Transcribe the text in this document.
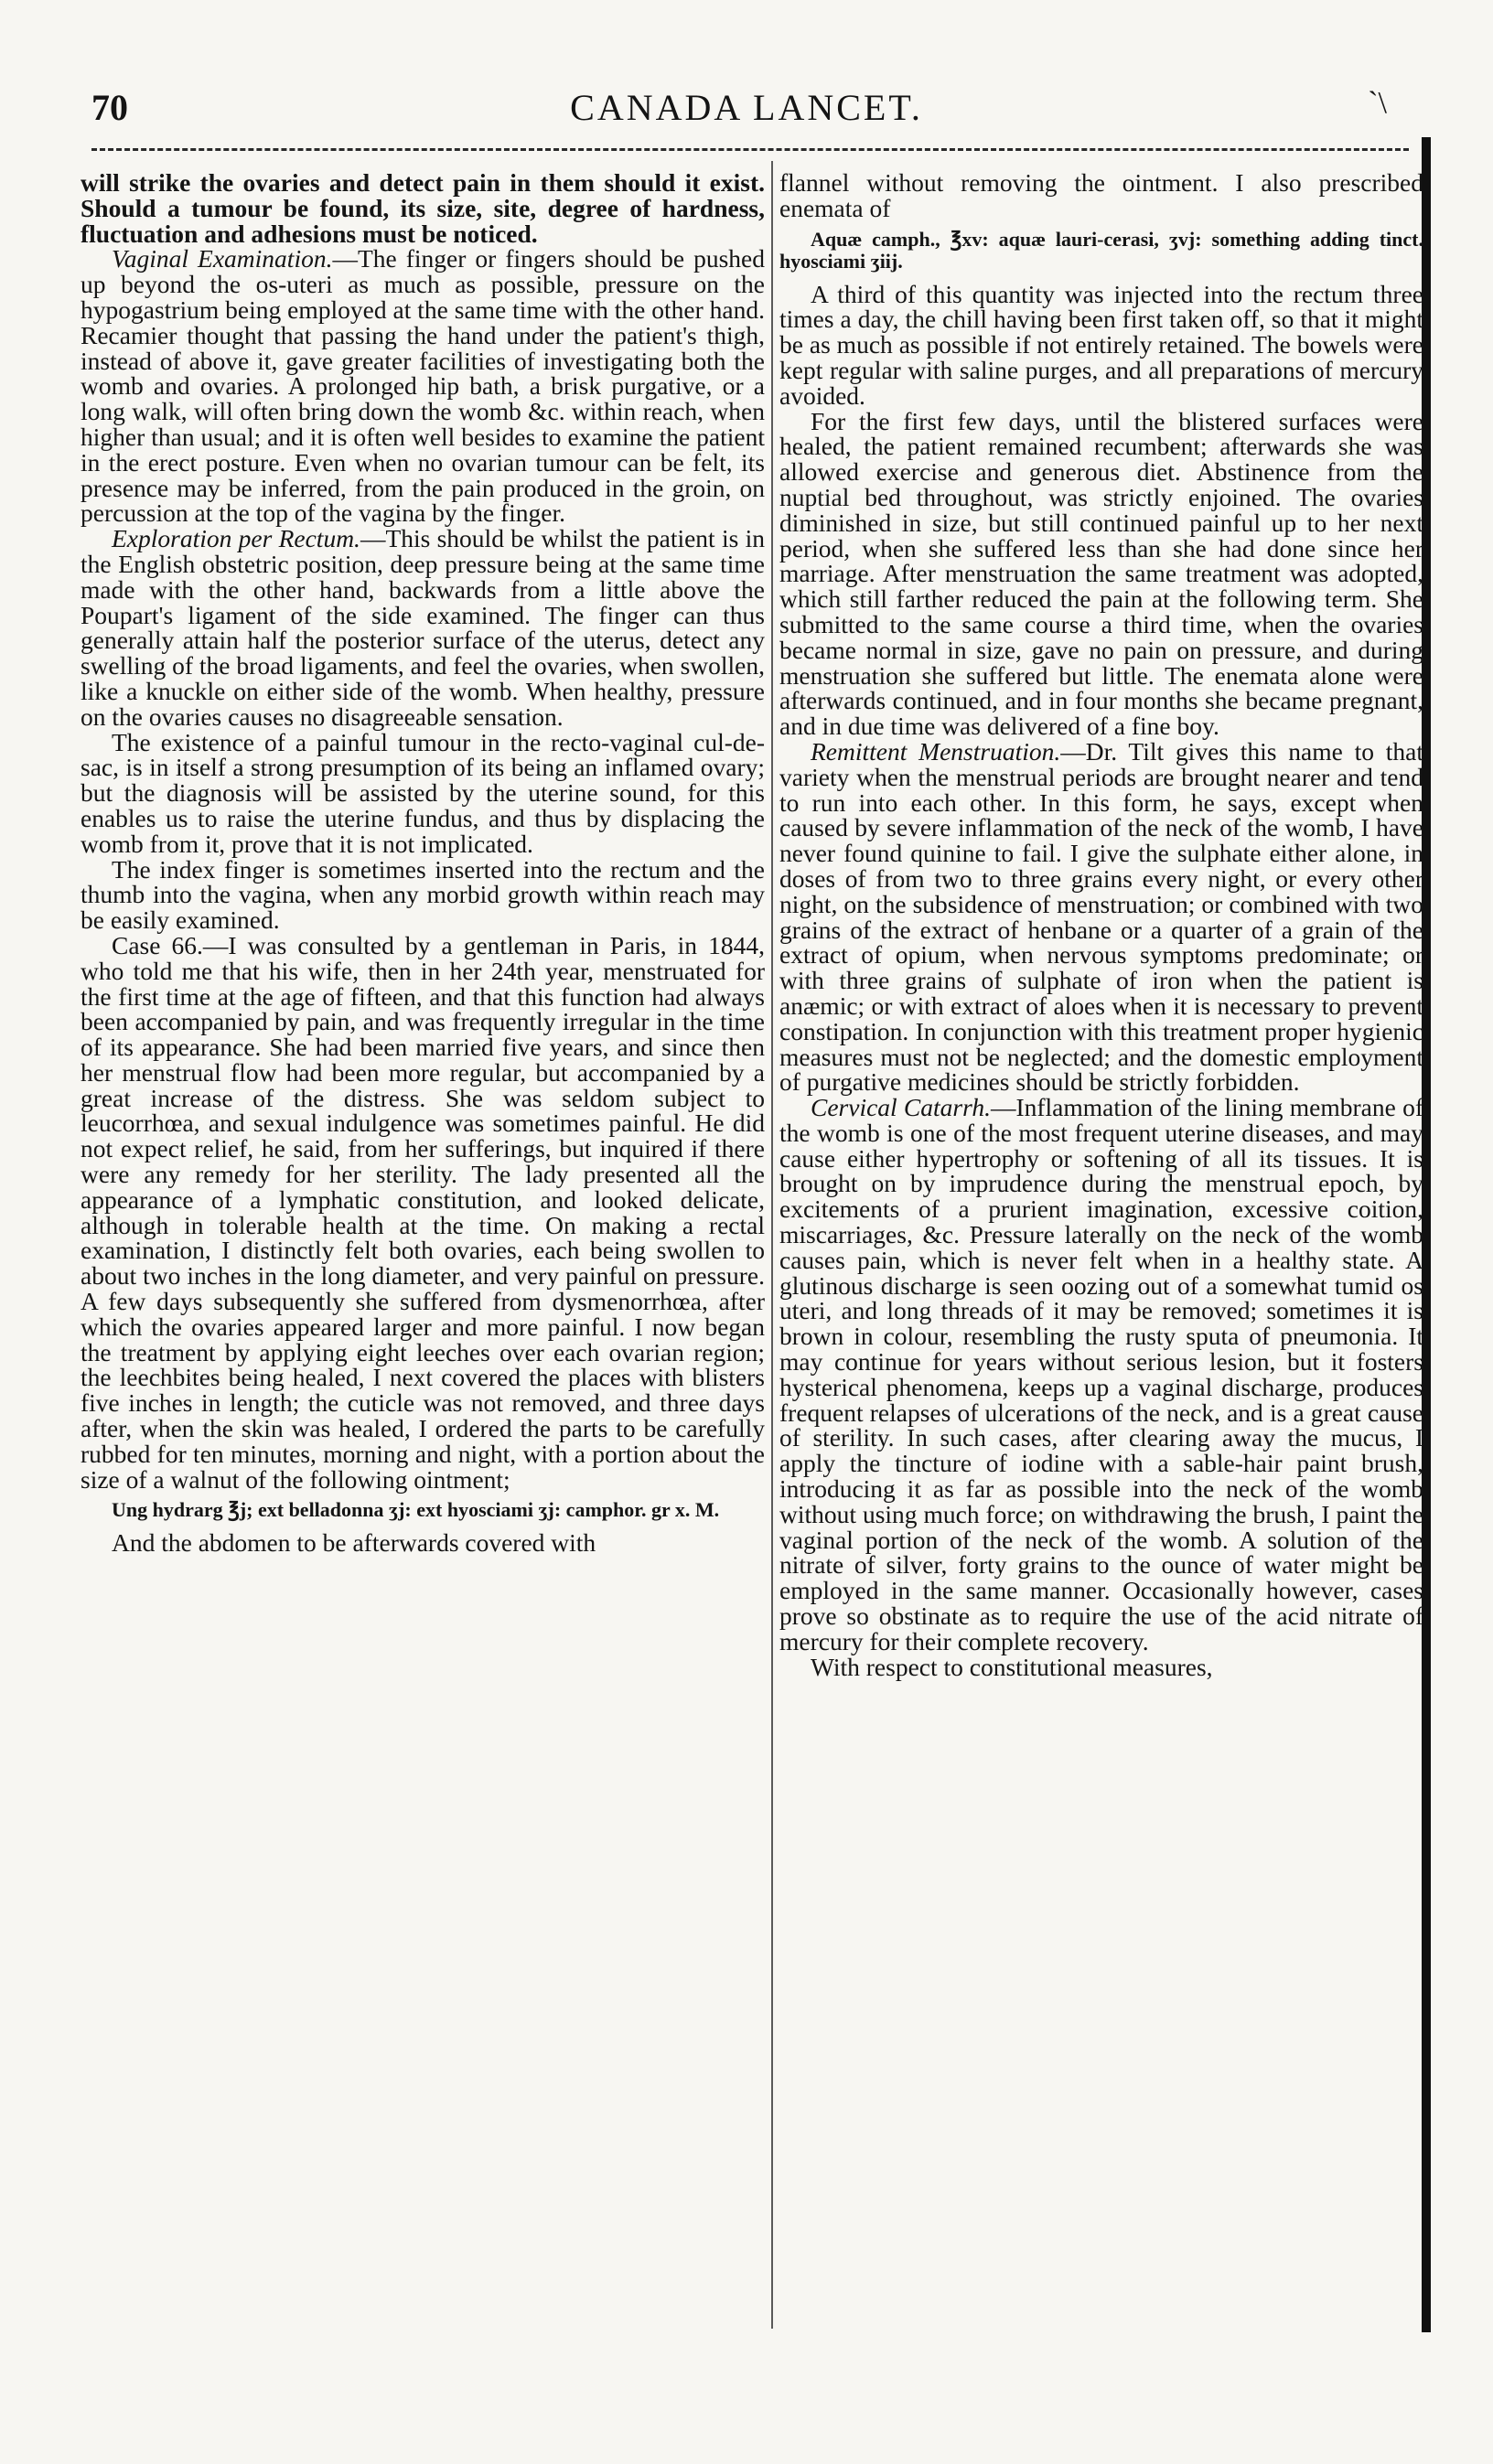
70	CANADA LANCET.	`\

will strike the ovaries and detect pain in them should it exist. Should a tumour be found, its size, site, degree of hardness, fluctuation and adhesions must be noticed.

Vaginal Examination.—The finger or fingers should be pushed up beyond the os-uteri as much as possible, pressure on the hypogastrium being employed at the same time with the other hand. Recamier thought that passing the hand under the patient's thigh, instead of above it, gave greater facilities of investigating both the womb and ovaries. A prolonged hip bath, a brisk purgative, or a long walk, will often bring down the womb &c. within reach, when higher than usual; and it is often well besides to examine the patient in the erect posture. Even when no ovarian tumour can be felt, its presence may be inferred, from the pain produced in the groin, on percussion at the top of the vagina by the finger.

Exploration per Rectum.—This should be whilst the patient is in the English obstetric position, deep pressure being at the same time made with the other hand, backwards from a little above the Poupart's ligament of the side examined. The finger can thus generally attain half the posterior surface of the uterus, detect any swelling of the broad ligaments, and feel the ovaries, when swollen, like a knuckle on either side of the womb. When healthy, pressure on the ovaries causes no disagreeable sensation.

The existence of a painful tumour in the recto-vaginal cul-de-sac, is in itself a strong presumption of its being an inflamed ovary; but the diagnosis will be assisted by the uterine sound, for this enables us to raise the uterine fundus, and thus by displacing the womb from it, prove that it is not implicated.

The index finger is sometimes inserted into the rectum and the thumb into the vagina, when any morbid growth within reach may be easily examined.

Case 66.—I was consulted by a gentleman in Paris, in 1844, who told me that his wife, then in her 24th year, menstruated for the first time at the age of fifteen, and that this function had always been accompanied by pain, and was frequently irregular in the time of its appearance. She had been married five years, and since then her menstrual flow had been more regular, but accompanied by a great increase of the distress. She was seldom subject to leucorrhœa, and sexual indulgence was sometimes painful. He did not expect relief, he said, from her sufferings, but inquired if there were any remedy for her sterility. The lady presented all the appearance of a lymphatic constitution, and looked delicate, although in tolerable health at the time. On making a rectal examination, I distinctly felt both ovaries, each being swollen to about two inches in the long diameter, and very painful on pressure. A few days subsequently she suffered from dysmenorrhœa, after which the ovaries appeared larger and more painful. I now began the treatment by applying eight leeches over each ovarian region; the leechbites being healed, I next covered the places with blisters five inches in length; the cuticle was not removed, and three days after, when the skin was healed, I ordered the parts to be carefully rubbed for ten minutes, morning and night, with a portion about the size of a walnut of the following ointment;

Ung hydrarg ℥j; ext belladonna ʒj: ext hyosciami ʒj: camphor. gr x. M.

And the abdomen to be afterwards covered with

flannel without removing the ointment. I also prescribed enemata of

Aquæ camph., ℥xv: aquæ lauri-cerasi, ʒvj: something adding tinct. hyosciami ʒiij.

A third of this quantity was injected into the rectum three times a day, the chill having been first taken off, so that it might be as much as possible if not entirely retained. The bowels were kept regular with saline purges, and all preparations of mercury avoided.

For the first few days, until the blistered surfaces were healed, the patient remained recumbent; afterwards she was allowed exercise and generous diet. Abstinence from the nuptial bed throughout, was strictly enjoined. The ovaries diminished in size, but still continued painful up to her next period, when she suffered less than she had done since her marriage. After menstruation the same treatment was adopted, which still farther reduced the pain at the following term. She submitted to the same course a third time, when the ovaries became normal in size, gave no pain on pressure, and during menstruation she suffered but little. The enemata alone were afterwards continued, and in four months she became pregnant, and in due time was delivered of a fine boy.

Remittent Menstruation.—Dr. Tilt gives this name to that variety when the menstrual periods are brought nearer and tend to run into each other. In this form, he says, except when caused by severe inflammation of the neck of the womb, I have never found quinine to fail. I give the sulphate either alone, in doses of from two to three grains every night, or every other night, on the subsidence of menstruation; or combined with two grains of the extract of henbane or a quarter of a grain of the extract of opium, when nervous symptoms predominate; or with three grains of sulphate of iron when the patient is anæmic; or with extract of aloes when it is necessary to prevent constipation. In conjunction with this treatment proper hygienic measures must not be neglected; and the domestic employment of purgative medicines should be strictly forbidden.

Cervical Catarrh.—Inflammation of the lining membrane of the womb is one of the most frequent uterine diseases, and may cause either hypertrophy or softening of all its tissues. It is brought on by imprudence during the menstrual epoch, by excitements of a prurient imagination, excessive coition, miscarriages, &c. Pressure laterally on the neck of the womb causes pain, which is never felt when in a healthy state. A glutinous discharge is seen oozing out of a somewhat tumid os uteri, and long threads of it may be removed; sometimes it is brown in colour, resembling the rusty sputa of pneumonia. It may continue for years without serious lesion, but it fosters hysterical phenomena, keeps up a vaginal discharge, produces frequent relapses of ulcerations of the neck, and is a great cause of sterility. In such cases, after clearing away the mucus, I apply the tincture of iodine with a sable-hair paint brush, introducing it as far as possible into the neck of the womb without using much force; on withdrawing the brush, I paint the vaginal portion of the neck of the womb. A solution of the nitrate of silver, forty grains to the ounce of water might be employed in the same manner. Occasionally however, cases prove so obstinate as to require the use of the acid nitrate of mercury for their complete recovery.

With respect to constitutional measures,
